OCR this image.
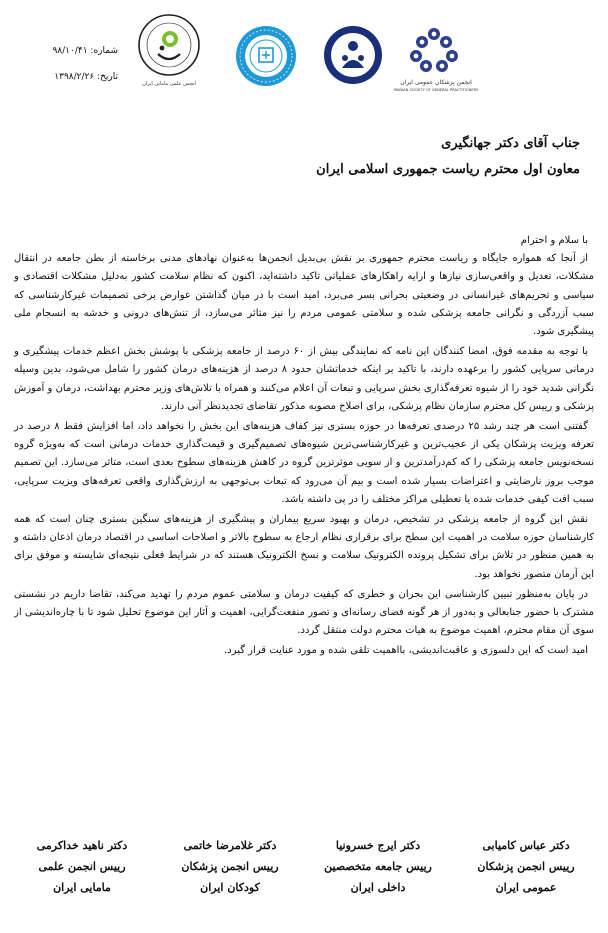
شماره: ۹۸/۱۰/۴۱
تاریخ: ۱۳۹۸/۲/۲۶
انجمن علمی مامایی ایران	انجمن پزشکان عمومی ایران
IRANIAN SOCIETY OF GENERAL PRACTITIONERS
جناب آقای دکتر جهانگیری
معاون اول محترم ریاست جمهوری اسلامی ایران

با سلام و احترام

از آنجا که همواره جایگاه و ریاست محترم جمهوری بر نقش بی‌بدیل انجمن‌ها به‌عنوان نهادهای مدنی برخاسته از بطن جامعه در انتقال مشکلات، تعدیل و واقعی‌سازی نیازها و ارایه راهکارهای عملیاتی تاکید داشته‌اید، اکنون که نظام سلامت کشور به‌دلیل مشکلات اقتصادی و سیاسی و تحریم‌های غیرانسانی در وضعیتی بحرانی بسر می‌برد، امید است با در میان گذاشتن عوارض برخی تصمیمات غیرکارشناسی که سبب آزردگی و نگرانی جامعه پزشکی شده و سلامتی عمومی مردم را نیز متاثر می‌سازد، از تنش‌های درونی و خدشه به انسجام ملی پیشگیری شود.

با توجه به مقدمه فوق، امضا کنندگان این نامه که نمایندگی بیش از ۶۰ درصد از جامعه پزشکی با پوشش بخش اعظم خدمات پیشگیری و درمانی سرپایی کشور را برعهده دارند، با تاکید بر اینکه خدماتشان حدود ۸ درصد از هزینه‌های درمان کشور را شامل می‌شود، بدین وسیله نگرانی شدید خود را از شیوه تعرفه‌گذاری بخش سرپایی و تبعات آن اعلام می‌کنند و همراه با تلاش‌های وزیر محترم بهداشت، درمان و آموزش پزشکی و رییس کل محترم سازمان نظام پزشکی، برای اصلاح مصوبه مذکور تقاضای تجدیدنظر آنی دارند.

گفتنی است هر چند رشد ۲۵ درصدی تعرفه‌ها در حوزه بستری نیز کفاف هزینه‌های این بخش را نخواهد داد، اما افزایش فقط ۸ درصد در تعرفه ویزیت پزشکان یکی از عجیب‌ترین و غیرکارشناسی‌ترین شیوه‌های تصمیم‌گیری و قیمت‌گذاری خدمات درمانی است که به‌ویژه گروه نسخه‌نویس جامعه پزشکی را که کم‌درآمدترین و از سویی موثرترین گروه در کاهش هزینه‌های سطوح بعدی است، متاثر می‌سازد. این تصمیم موجب بروز نارضایتی و اعتراضات بسیار شده است و بیم آن می‌رود که تبعات بی‌توجهی به ارزش‌گذاری واقعی تعرفه‌های ویزیت سرپایی، سبب افت کیفی خدمات شده یا تعطیلی مراکز مختلف را در پی داشته باشد.

نقش این گروه از جامعه پزشکی در تشخیص، درمان و بهبود سریع بیماران و پیشگیری از هزینه‌های سنگین بستری چنان است که همه کارشناسان حوزه سلامت در اهمیت این سطح برای برقراری نظام ارجاع به سطوح بالاتر و اصلاحات اساسی در اقتصاد درمان اذعان داشته و به همین منظور در تلاش برای تشکیل پرونده الکترونیک سلامت و نسخ الکترونیک هستند که در شرایط فعلی نتیجه‌ای شایسته و موفق برای این آرمان متصور نخواهد بود.

در پایان به‌منظور تبیین کارشناسی این بحران و خطری که کیفیت درمان و سلامتی عموم مردم را تهدید می‌کند، تقاضا داریم در نشستی مشترک با حضور جنابعالی و به‌دور از هر گونه فضای رسانه‌ای و تصور منفعت‌گرایی، اهمیت و آثار این موضوع تحلیل شود تا با چاره‌اندیشی از سوی آن مقام محترم، اهمیت موضوع به هیات محترم دولت منتقل گردد.

امید است که این دلسوزی و عاقبت‌اندیشی، بااهمیت تلقی شده و مورد عنایت قرار گیرد.

دکتر عباس کامیابی
رییس انجمن پزشکان
عمومی ایران
دکتر ایرج خسرونیا
رییس جامعه متخصصین
داخلی ایران
دکتر غلامرضا خاتمی
رییس انجمن پزشکان
کودکان ایران
دکتر ناهید خداکرمی
رییس انجمن علمی
مامایی ایران
